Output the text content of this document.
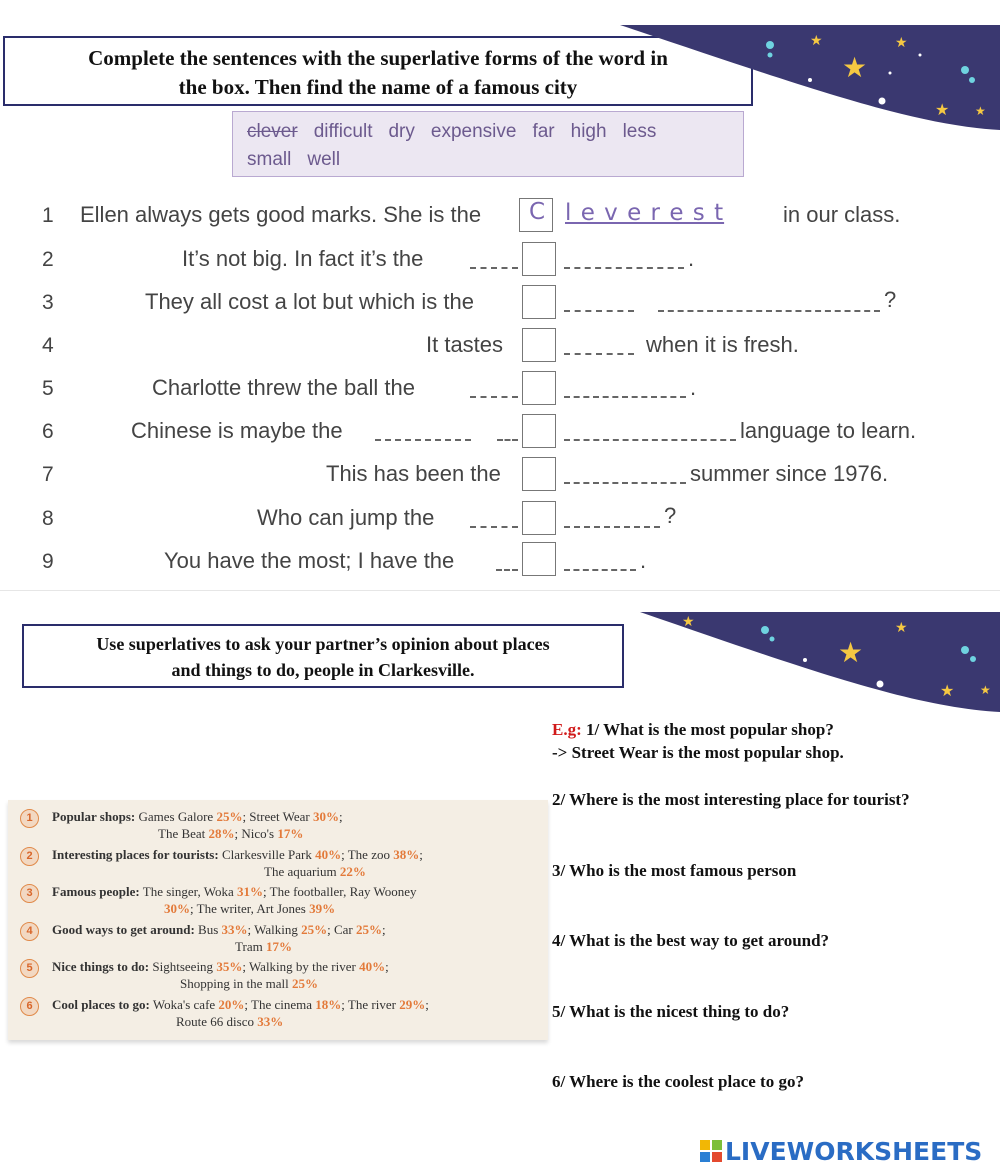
Complete the sentences with the superlative forms of the word in
the box. Then find the name of a famous city
★
★	★
★ ★
clever difficult dry expensive far high less
small well
1 Ellen always gets good marks. She is the C l e v e r e s t	in our class.
2	It’s not big. In fact it’s the	.
3	They all cost a lot but which is the	?
4	It tastes	when it is fresh.
5	Charlotte threw the ball the	.
6	Chinese is maybe the	language to learn.
7	This has been the	summer since 1976.
8	Who can jump the	?
9	You have the most; I have the	.
Use superlatives to ask your partner’s opinion about places
and things to do, people in Clarkesville.
★
★	★
★ ★
1	Popular shops: Games Galore 25%; Street Wear 30%;
The Beat 28%; Nico's 17%
2	Interesting places for tourists: Clarkesville Park 40%; The zoo 38%;
The aquarium 22%
3	Famous people: The singer, Woka 31%; The footballer, Ray Wooney
30%; The writer, Art Jones 39%
4	Good ways to get around: Bus 33%; Walking 25%; Car 25%;
Tram 17%
5	Nice things to do: Sightseeing 35%; Walking by the river 40%;
Shopping in the mall 25%
6	Cool places to go: Woka's cafe 20%; The cinema 18%; The river 29%;
Route 66 disco 33%
E.g: 1/ What is the most popular shop?
-> Street Wear is the most popular shop.
2/ Where is the most interesting place for tourist?
3/ Who is the most famous person
4/ What is the best way to get around?
5/ What is the nicest thing to do?
6/ Where is the coolest place to go?
LIVEWORKSHEETS
